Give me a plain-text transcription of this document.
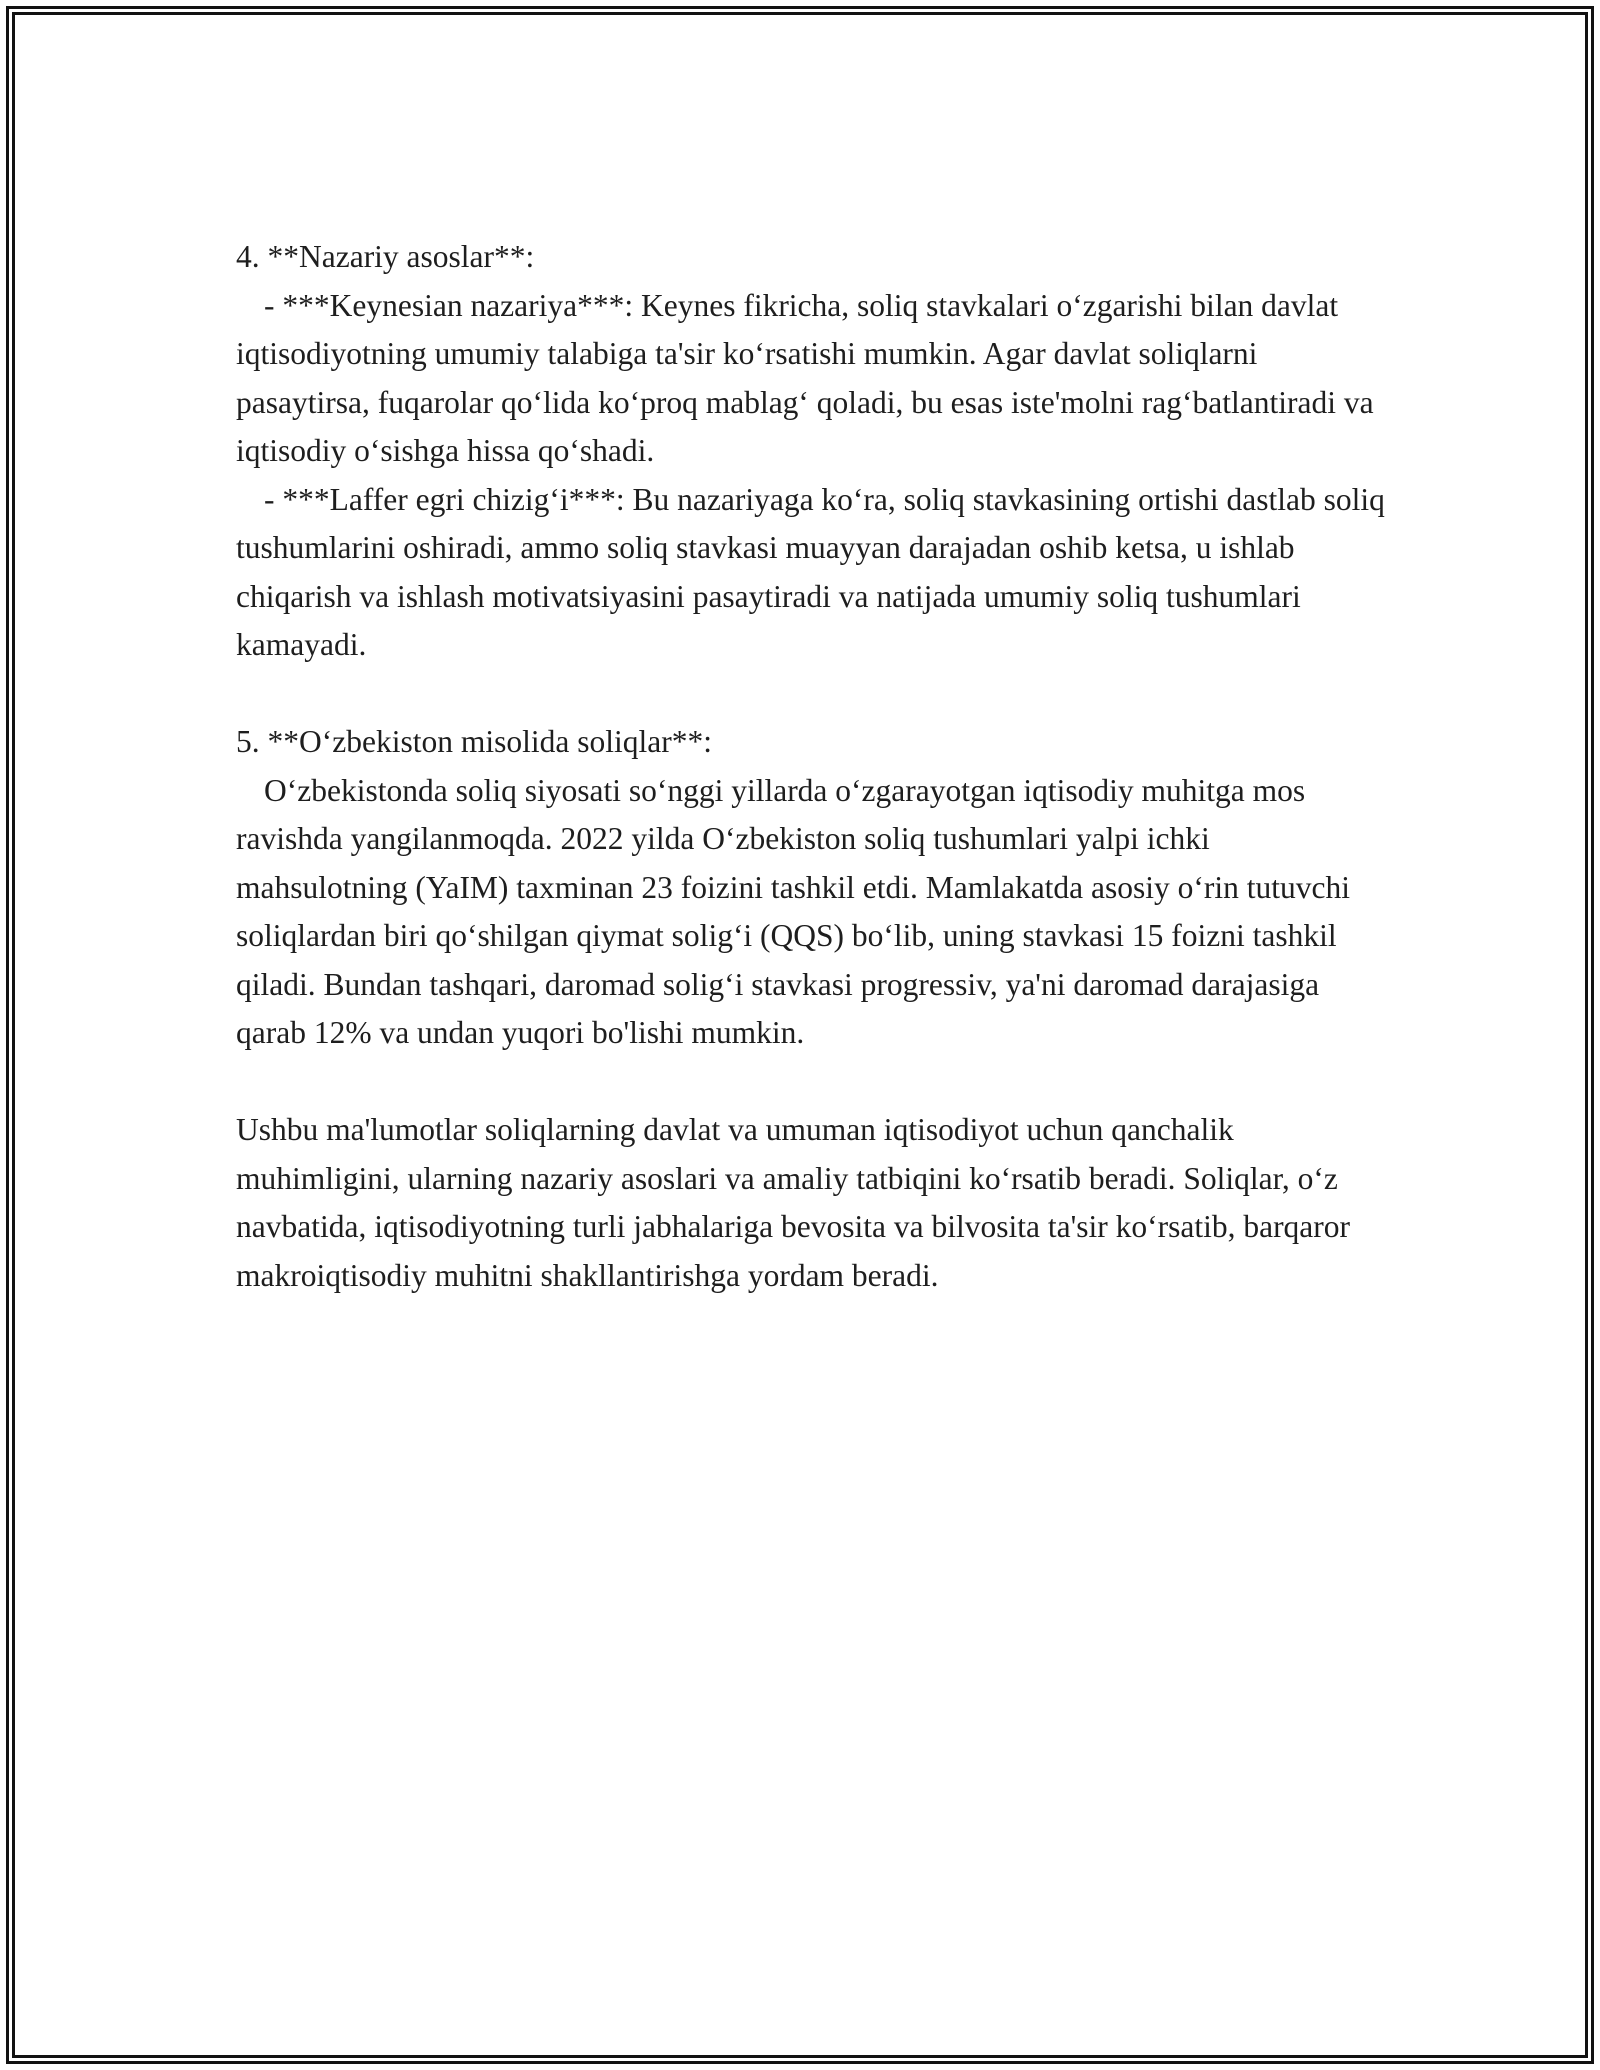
4. **Nazariy asoslar**:

- ***Keynesian nazariya***: Keynes fikricha, soliq stavkalari o‘zgarishi bilan davlat iqtisodiyotning umumiy talabiga ta'sir ko‘rsatishi mumkin. Agar davlat soliqlarni pasaytirsa, fuqarolar qo‘lida ko‘proq mablag‘ qoladi, bu esas iste'molni rag‘batlantiradi va iqtisodiy o‘sishga hissa qo‘shadi.

- ***Laffer egri chizig‘i***: Bu nazariyaga ko‘ra, soliq stavkasining ortishi dastlab soliq tushumlarini oshiradi, ammo soliq stavkasi muayyan darajadan oshib ketsa, u ishlab chiqarish va ishlash motivatsiyasini pasaytiradi va natijada umumiy soliq tushumlari kamayadi.

5. **O‘zbekiston misolida soliqlar**:

O‘zbekistonda soliq siyosati so‘nggi yillarda o‘zgarayotgan iqtisodiy muhitga mos ravishda yangilanmoqda. 2022 yilda O‘zbekiston soliq tushumlari yalpi ichki mahsulotning (YaIM) taxminan 23 foizini tashkil etdi. Mamlakatda asosiy o‘rin tutuvchi soliqlardan biri qo‘shilgan qiymat solig‘i (QQS) bo‘lib, uning stavkasi 15 foizni tashkil qiladi. Bundan tashqari, daromad solig‘i stavkasi progressiv, ya'ni daromad darajasiga qarab 12% va undan yuqori bo'lishi mumkin.

Ushbu ma'lumotlar soliqlarning davlat va umuman iqtisodiyot uchun qanchalik muhimligini, ularning nazariy asoslari va amaliy tatbiqini ko‘rsatib beradi. Soliqlar, o‘z navbatida, iqtisodiyotning turli jabhalariga bevosita va bilvosita ta'sir ko‘rsatib, barqaror makroiqtisodiy muhitni shakllantirishga yordam beradi.
